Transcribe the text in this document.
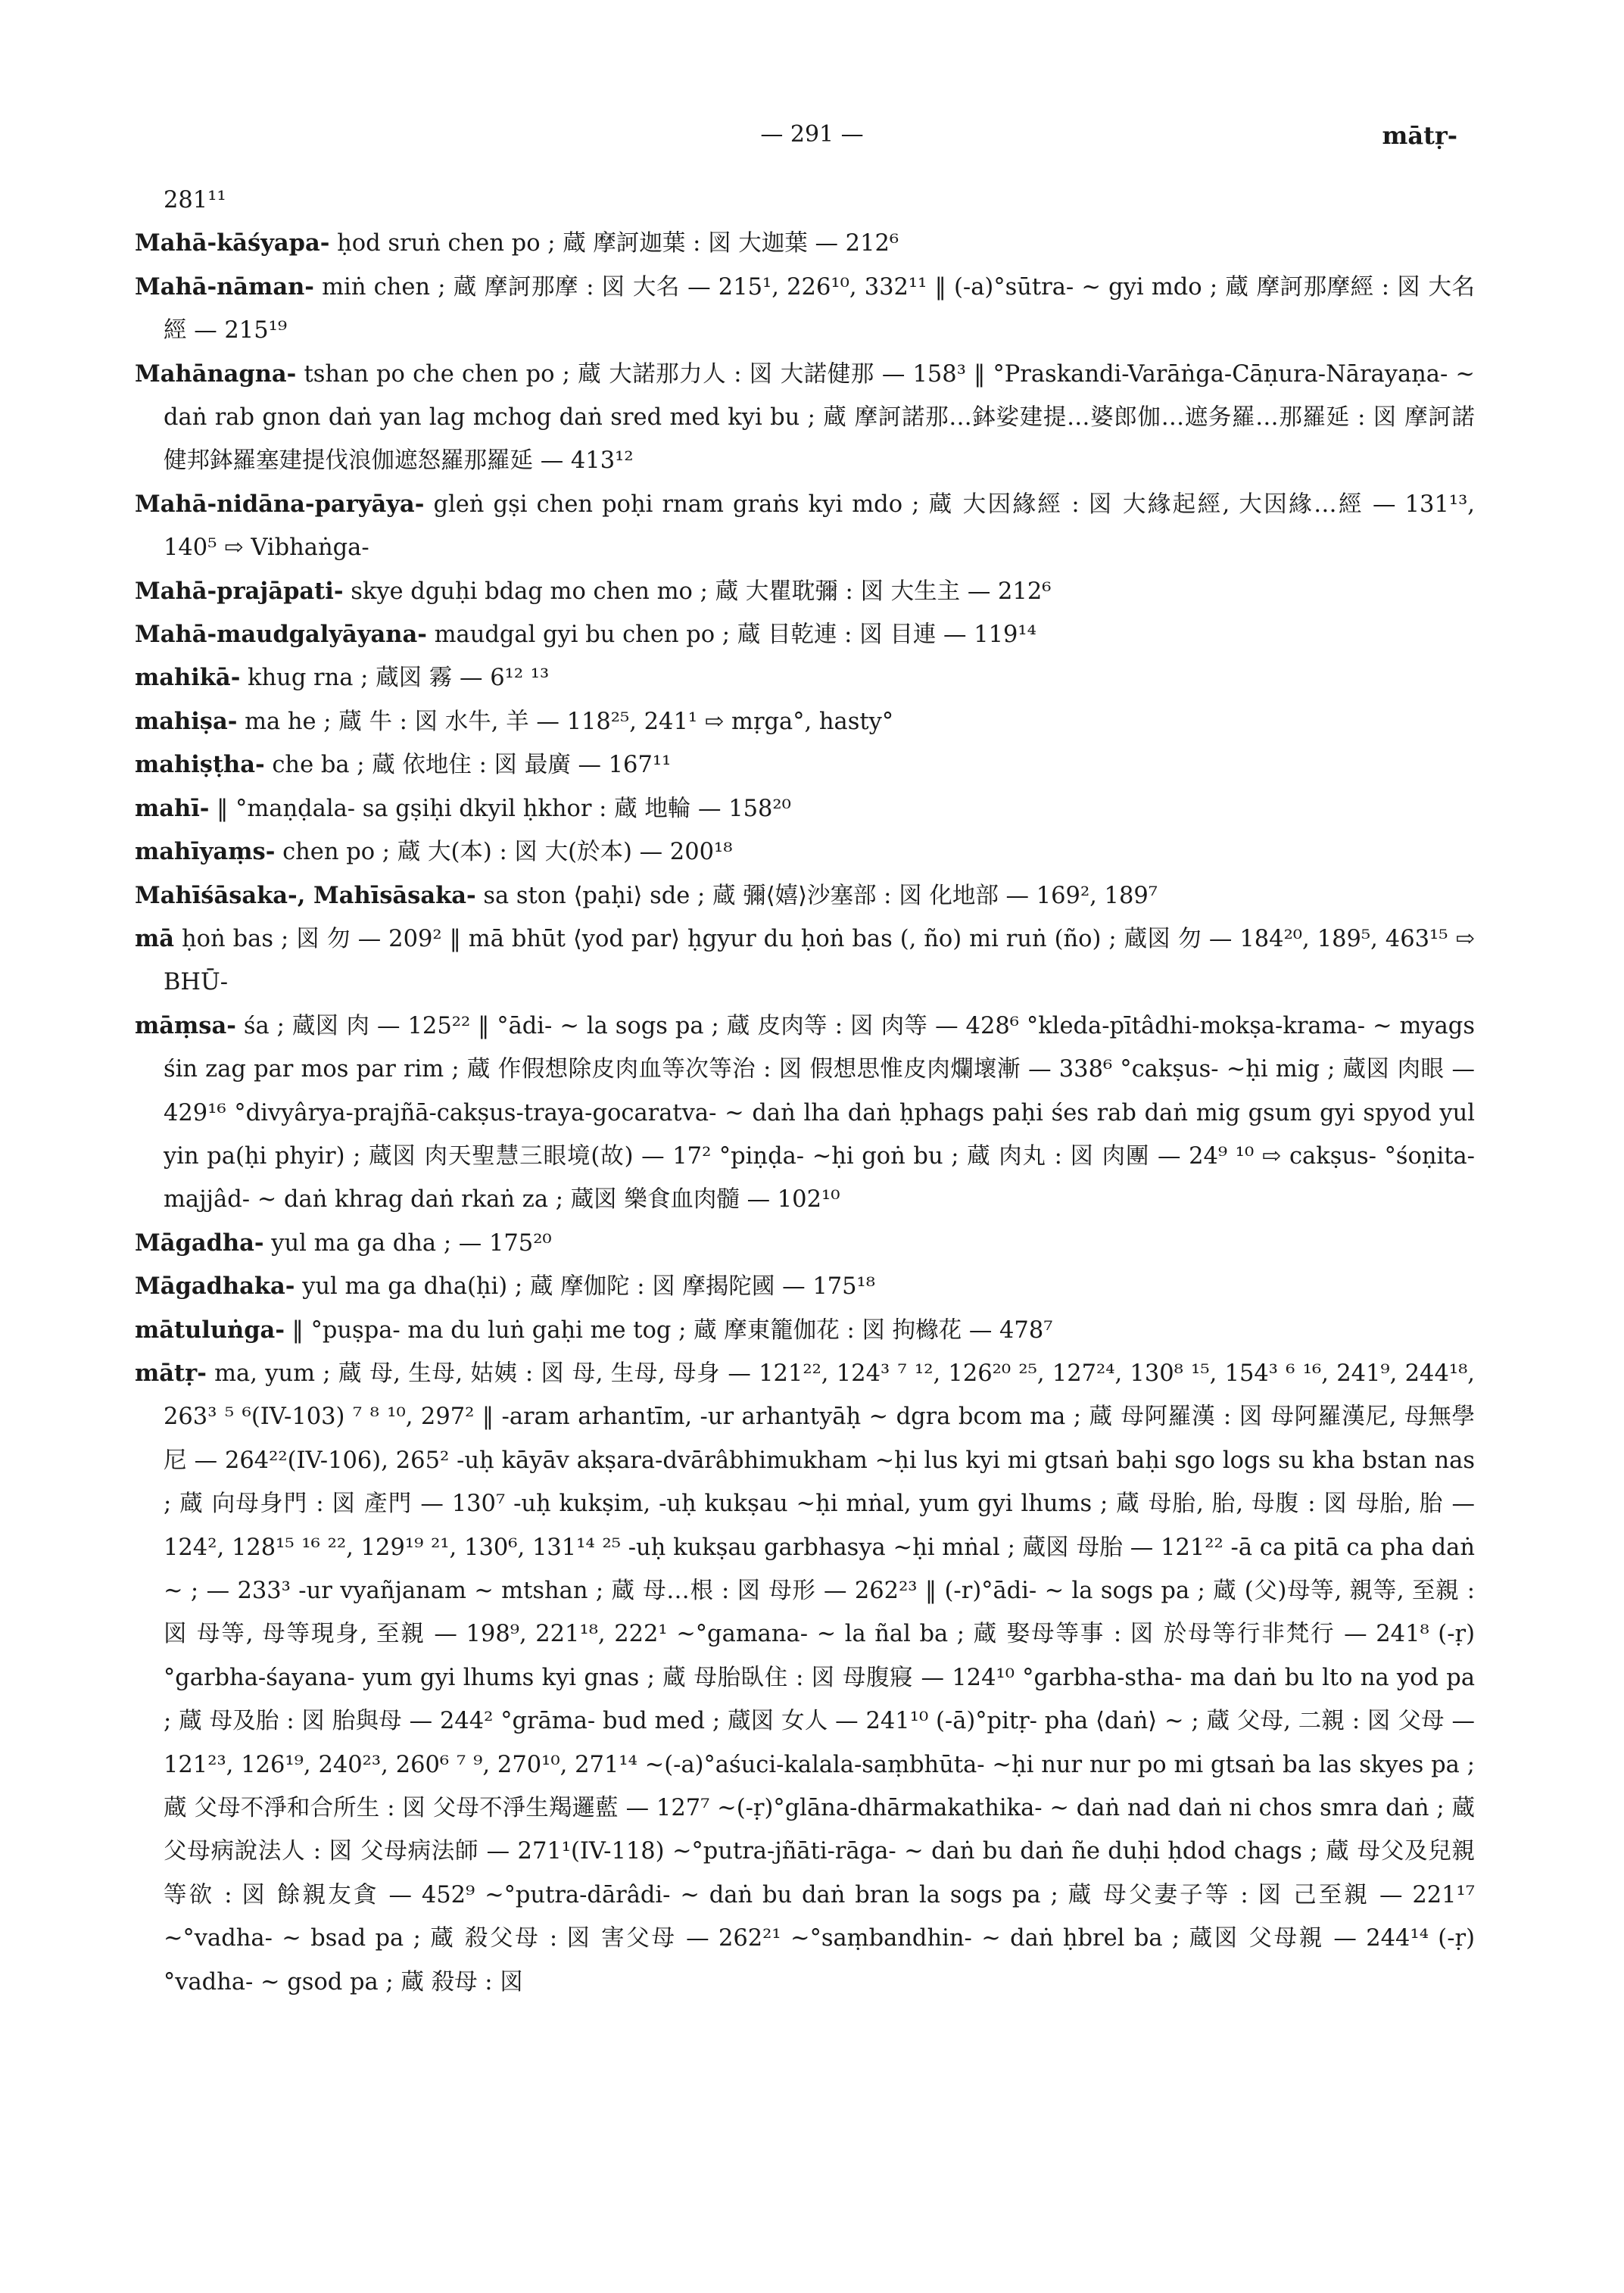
— 291 —	mātṛ-

281¹¹

Mahā-kāśyapa- ḥod sruṅ chen po ; 蔵 摩訶迦葉 : 図 大迦葉 — 212⁶

Mahā-nāman- miṅ chen ; 蔵 摩訶那摩 : 図 大名 — 215¹, 226¹⁰, 332¹¹ ‖ (-a)°sūtra- ~ gyi mdo ; 蔵 摩訶那摩經 : 図 大名經 — 215¹⁹

Mahānagna- tshan po che chen po ; 蔵 大諾那力人 : 図 大諾健那 — 158³ ‖ °Praskandi-Varāṅga-Cāṇura-Nārayaṇa- ~ daṅ rab gnon daṅ yan lag mchog daṅ sred med kyi bu ; 蔵 摩訶諾那…鉢娑建提…婆郎伽…遮务羅…那羅延 : 図 摩訶諾健邦鉢羅塞建提伐浪伽遮怒羅那羅延 — 413¹²

Mahā-nidāna-paryāya- gleṅ gṣi chen poḥi rnam graṅs kyi mdo ; 蔵 大因緣經 : 図 大緣起經, 大因緣…經 — 131¹³, 140⁵ ⇨ Vibhaṅga-

Mahā-prajāpati- skye dguḥi bdag mo chen mo ; 蔵 大瞿耽彌 : 図 大生主 — 212⁶

Mahā-maudgalyāyana- maudgal gyi bu chen po ; 蔵 目乾連 : 図 目連 — 119¹⁴

mahikā- khug rna ; 蔵図 霧 — 6¹² ¹³

mahiṣa- ma he ; 蔵 牛 : 図 水牛, 羊 — 118²⁵, 241¹ ⇨ mṛga°, hasty°

mahiṣṭha- che ba ; 蔵 依地住 : 図 最廣 — 167¹¹

mahī- ‖ °maṇḍala- sa gṣiḥi dkyil ḥkhor : 蔵 地輪 — 158²⁰

mahīyaṃs- chen po ; 蔵 大(本) : 図 大(於本) — 200¹⁸

Mahīśāsaka-, Mahīsāsaka- sa ston ⟨paḥi⟩ sde ; 蔵 彌⟨嬉⟩沙塞部 : 図 化地部 — 169², 189⁷

mā ḥoṅ bas ; 図 勿 — 209² ‖ mā bhūt ⟨yod par⟩ ḥgyur du ḥoṅ bas (, ño) mi ruṅ (ño) ; 蔵図 勿 — 184²⁰, 189⁵, 463¹⁵ ⇨ BHŪ-

māṃsa- śa ; 蔵図 肉 — 125²² ‖ °ādi- ~ la sogs pa ; 蔵 皮肉等 : 図 肉等 — 428⁶ °kleda-pītâdhi-mokṣa-krama- ~ myags śin zag par mos par rim ; 蔵 作假想除皮肉血等次等治 : 図 假想思惟皮肉爛壞漸 — 338⁶ °cakṣus- ~ḥi mig ; 蔵図 肉眼 — 429¹⁶ °divyârya-prajñā-cakṣus-traya-gocaratva- ~ daṅ lha daṅ ḥphags paḥi śes rab daṅ mig gsum gyi spyod yul yin pa(ḥi phyir) ; 蔵図 肉天聖慧三眼境(故) — 17² °piṇḍa- ~ḥi goṅ bu ; 蔵 肉丸 : 図 肉團 — 24⁹ ¹⁰ ⇨ cakṣus- °śoṇita-majjâd- ~ daṅ khrag daṅ rkaṅ za ; 蔵図 樂食血肉髓 — 102¹⁰

Māgadha- yul ma ga dha ; — 175²⁰

Māgadhaka- yul ma ga dha(ḥi) ; 蔵 摩伽陀 : 図 摩揭陀國 — 175¹⁸

mātuluṅga- ‖ °puṣpa- ma du luṅ gaḥi me tog ; 蔵 摩東籠伽花 : 図 拘櫞花 — 478⁷

mātṛ- ma, yum ; 蔵 母, 生母, 姑姨 : 図 母, 生母, 母身 — 121²², 124³ ⁷ ¹², 126²⁰ ²⁵, 127²⁴, 130⁸ ¹⁵, 154³ ⁶ ¹⁶, 241⁹, 244¹⁸, 263³ ⁵ ⁶(IV-103) ⁷ ⁸ ¹⁰, 297² ‖ -aram arhantīm, -ur arhantyāḥ ~ dgra bcom ma ; 蔵 母阿羅漢 : 図 母阿羅漢尼, 母無學尼 — 264²²(IV-106), 265² -uḥ kāyāv akṣara-dvārâbhimukham ~ḥi lus kyi mi gtsaṅ baḥi sgo logs su kha bstan nas ; 蔵 向母身門 : 図 產門 — 130⁷ -uḥ kukṣim, -uḥ kukṣau ~ḥi mṅal, yum gyi lhums ; 蔵 母胎, 胎, 母腹 : 図 母胎, 胎 — 124², 128¹⁵ ¹⁶ ²², 129¹⁹ ²¹, 130⁶, 131¹⁴ ²⁵ -uḥ kukṣau garbhasya ~ḥi mṅal ; 蔵図 母胎 — 121²² -ā ca pitā ca pha daṅ ~ ; — 233³ -ur vyañjanam ~ mtshan ; 蔵 母…根 : 図 母形 — 262²³ ‖ (-r)°ādi- ~ la sogs pa ; 蔵 (父)母等, 親等, 至親 : 図 母等, 母等現身, 至親 — 198⁹, 221¹⁸, 222¹ ~°gamana- ~ la ñal ba ; 蔵 娶母等事 : 図 於母等行非梵行 — 241⁸ (-ṛ)°garbha-śayana- yum gyi lhums kyi gnas ; 蔵 母胎臥住 : 図 母腹寢 — 124¹⁰ °garbha-stha- ma daṅ bu lto na yod pa ; 蔵 母及胎 : 図 胎與母 — 244² °grāma- bud med ; 蔵図 女人 — 241¹⁰ (-ā)°pitṛ- pha ⟨daṅ⟩ ~ ; 蔵 父母, 二親 : 図 父母 — 121²³, 126¹⁹, 240²³, 260⁶ ⁷ ⁹, 270¹⁰, 271¹⁴ ~(-a)°aśuci-kalala-saṃbhūta- ~ḥi nur nur po mi gtsaṅ ba las skyes pa ; 蔵 父母不淨和合所生 : 図 父母不淨生羯邏藍 — 127⁷ ~(-ṛ)°glāna-dhārmakathika- ~ daṅ nad daṅ ni chos smra daṅ ; 蔵 父母病說法人 : 図 父母病法師 — 271¹(IV-118) ~°putra-jñāti-rāga- ~ daṅ bu daṅ ñe duḥi ḥdod chags ; 蔵 母父及兒親等欲 : 図 餘親友貪 — 452⁹ ~°putra-dārâdi- ~ daṅ bu daṅ bran la sogs pa ; 蔵 母父妻子等 : 図 己至親 — 221¹⁷ ~°vadha- ~ bsad pa ; 蔵 殺父母 : 図 害父母 — 262²¹ ~°saṃbandhin- ~ daṅ ḥbrel ba ; 蔵図 父母親 — 244¹⁴ (-ṛ)°vadha- ~ gsod pa ; 蔵 殺母 : 図
